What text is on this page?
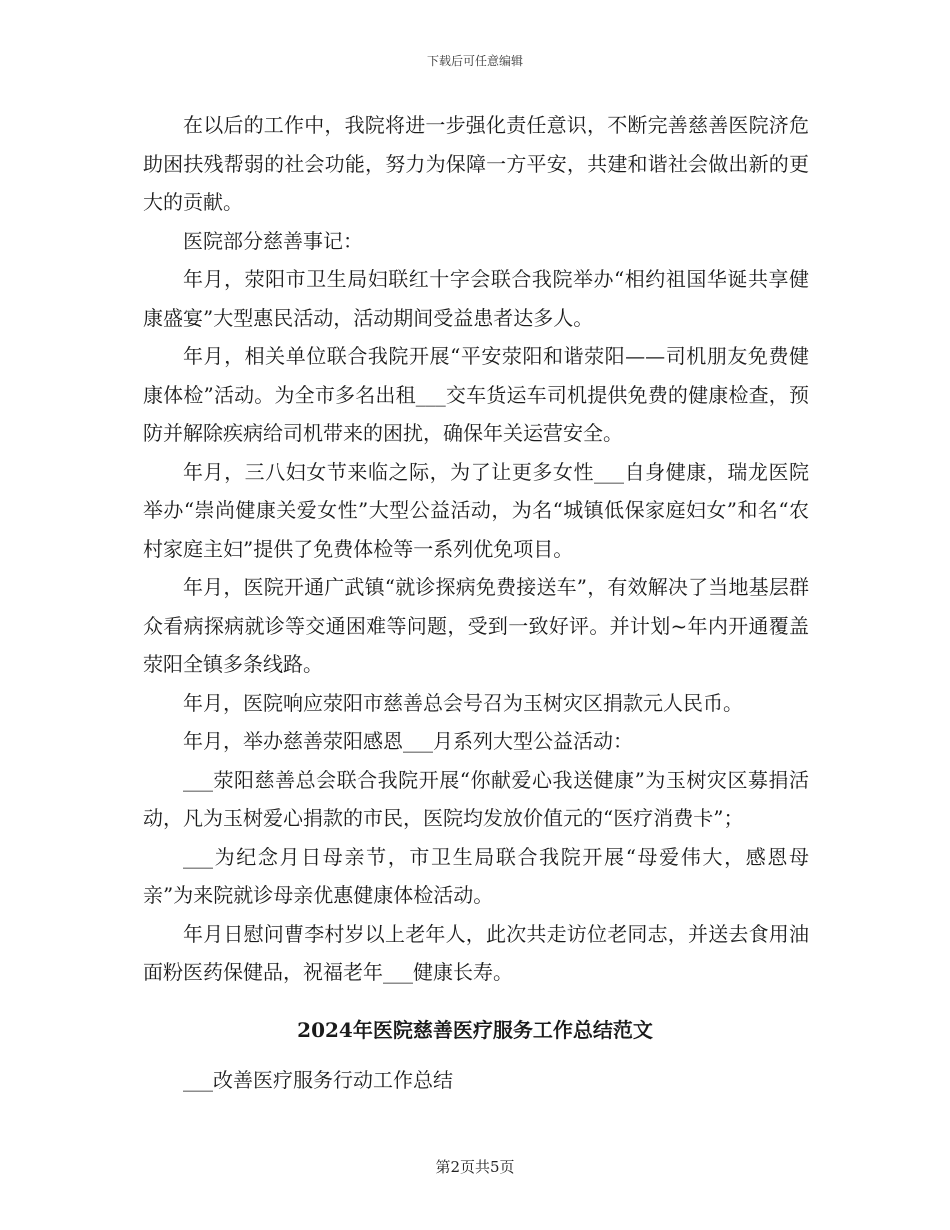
下载后可任意编辑

在以后的工作中，我院将进一步强化责任意识，不断完善慈善医院济危助困扶残帮弱的社会功能，努力为保障一方平安，共建和谐社会做出新的更大的贡献。

医院部分慈善事记：

年月，荥阳市卫生局妇联红十字会联合我院举办“相约祖国华诞共享健康盛宴”大型惠民活动，活动期间受益患者达多人。

年月，相关单位联合我院开展“平安荥阳和谐荥阳——司机朋友免费健康体检”活动。为全市多名出租___交车货运车司机提供免费的健康检查，预防并解除疾病给司机带来的困扰，确保年关运营安全。

年月，三八妇女节来临之际，为了让更多女性___自身健康，瑞龙医院举办“崇尚健康关爱女性”大型公益活动，为名“城镇低保家庭妇女”和名“农村家庭主妇”提供了免费体检等一系列优免项目。

年月，医院开通广武镇“就诊探病免费接送车”，有效解决了当地基层群众看病探病就诊等交通困难等问题，受到一致好评。并计划~年内开通覆盖荥阳全镇多条线路。

年月，医院响应荥阳市慈善总会号召为玉树灾区捐款元人民币。

年月，举办慈善荥阳感恩___月系列大型公益活动：

___荥阳慈善总会联合我院开展“你献爱心我送健康”为玉树灾区募捐活动，凡为玉树爱心捐款的市民，医院均发放价值元的“医疗消费卡”；

___为纪念月日母亲节，市卫生局联合我院开展“母爱伟大，感恩母亲”为来院就诊母亲优惠健康体检活动。

年月日慰问曹李村岁以上老年人，此次共走访位老同志，并送去食用油面粉医药保健品，祝福老年___健康长寿。

2024年医院慈善医疗服务工作总结范文
___改善医疗服务行动工作总结
第2页共5页
